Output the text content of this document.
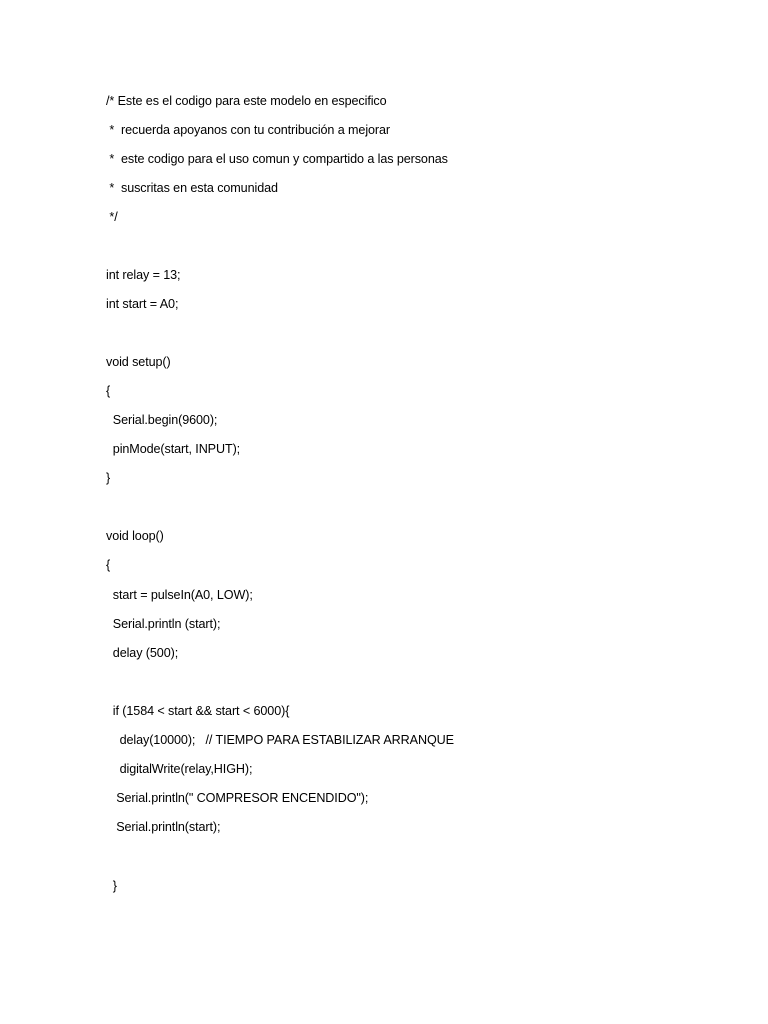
/* Este es el codigo para este modelo en especifico
*  recuerda apoyanos con tu contribución a mejorar
*  este codigo para el uso comun y compartido a las personas
*  suscritas en esta comunidad
*/
int relay = 13;
int start = A0;
void setup()
{
Serial.begin(9600);
pinMode(start, INPUT);
}
void loop()
{
start = pulseIn(A0, LOW);
Serial.println (start);
delay (500);
if (1584 < start && start < 6000){
delay(10000);   // TIEMPO PARA ESTABILIZAR ARRANQUE
digitalWrite(relay,HIGH);
Serial.println(" COMPRESOR ENCENDIDO");
Serial.println(start);
}
